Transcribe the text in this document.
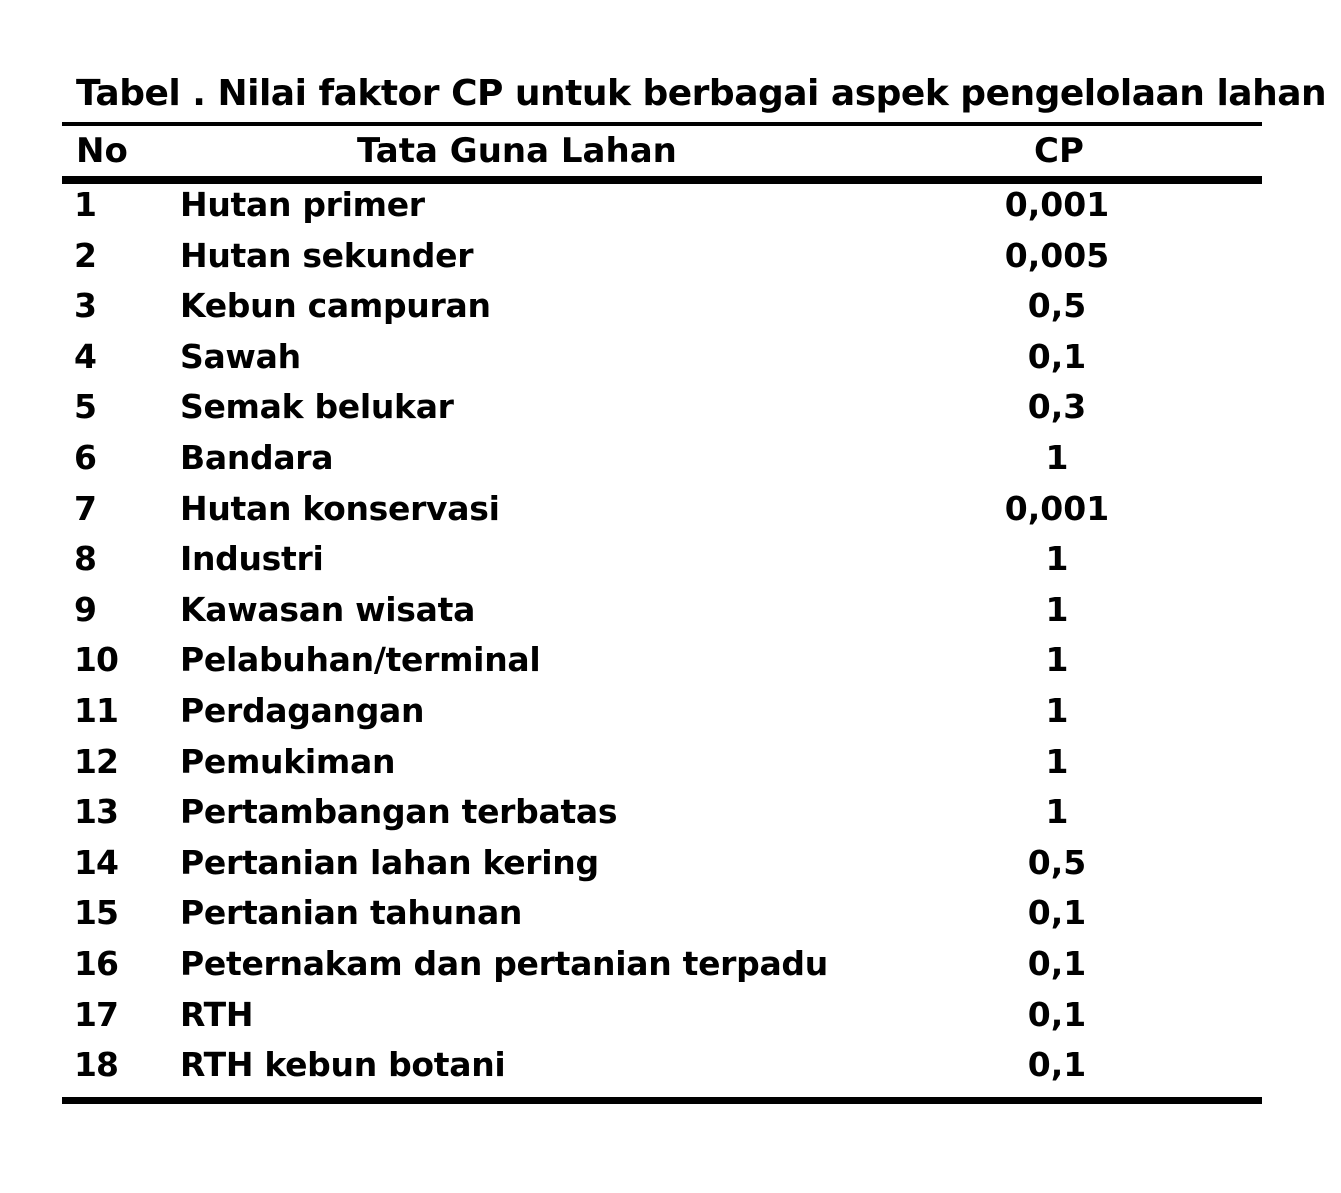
Tabel . Nilai faktor CP untuk berbagai aspek pengelolaan lahan
No	Tata Guna Lahan	CP
1	Hutan primer	0,001
2	Hutan sekunder	0,005
3	Kebun campuran	0,5
4	Sawah	0,1
5	Semak belukar	0,3
6	Bandara	1
7	Hutan konservasi	0,001
8	Industri	1
9	Kawasan wisata	1
10 Pelabuhan/terminal	1
11 Perdagangan	1
12 Pemukiman	1
13 Pertambangan terbatas	1
14 Pertanian lahan kering	0,5
15 Pertanian tahunan	0,1
16 Peternakam dan pertanian terpadu	0,1
17 RTH	0,1
18 RTH kebun botani	0,1
